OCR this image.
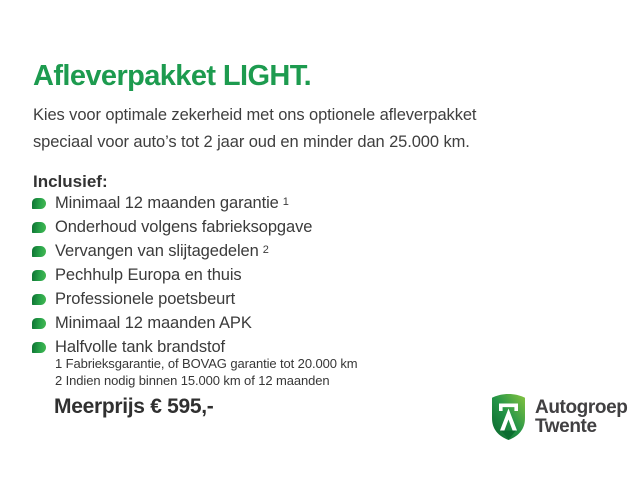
Afleverpakket LIGHT.
Kies voor optimale zekerheid met ons optionele afleverpakket
speciaal voor auto’s tot 2 jaar oud en minder dan 25.000 km.
Inclusief:
Minimaal 12 maanden garantie $^1$
Onderhoud volgens fabrieksopgave
Vervangen van slijtagedelen $^2$
Pechhulp Europa en thuis
Professionele poetsbeurt
Minimaal 12 maanden APK
Halfvolle tank brandstof
1 Fabrieksgarantie, of BOVAG garantie tot 20.000 km
2 Indien nodig binnen 15.000 km of 12 maanden
Meerprijs € 595,-	Autogroep
Twente
